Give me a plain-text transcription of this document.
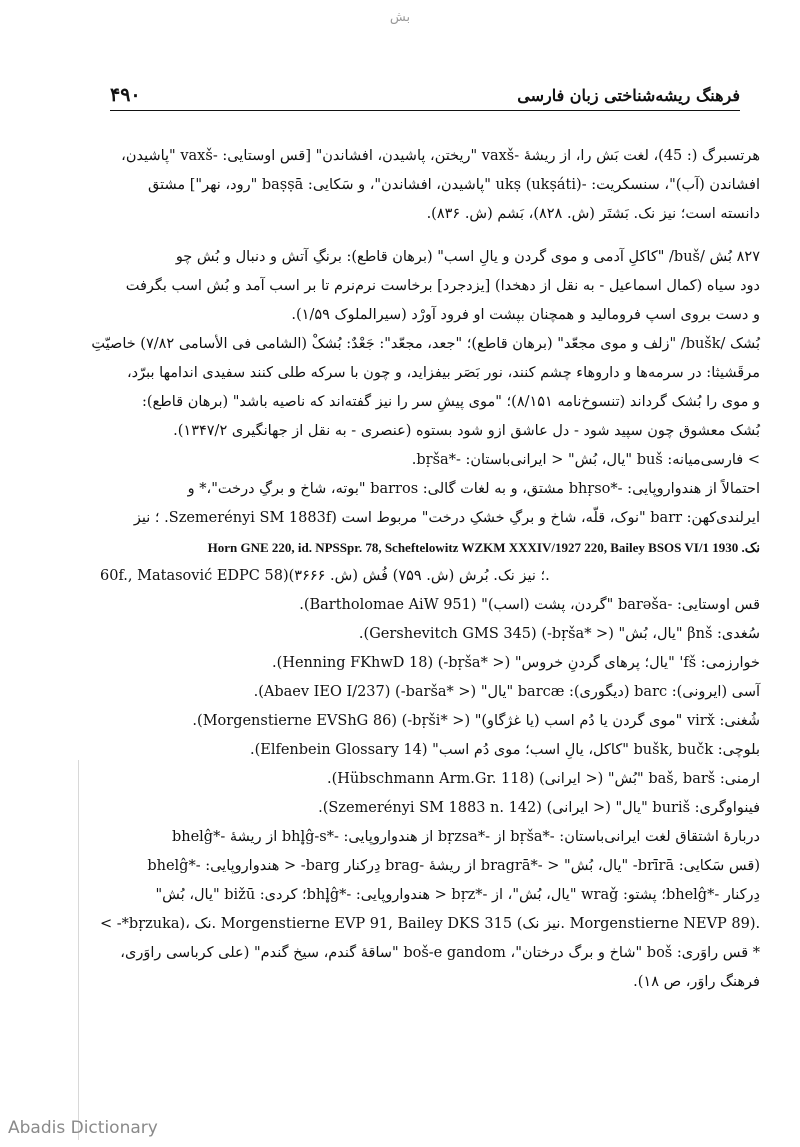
بش
فرهنگ ریشه‌شناختی زبان فارسی
۴۹۰

هرتسبرگ (: 45)، لغت بَش را، از ریشهٔ -vaxš "ریختن، پاشیدن، افشاندن" [قس اوستایی: -vaxš "پاشیدن،

افشاندن (آب)"، سنسکریت: -ukṣ (ukṣáti) "پاشیدن، افشاندن"، و سَکایی: baṣṣā "رود، نهر"] مشتق

دانسته است؛ نیز نک. بَشتَر (ش. ۸۲۸)، بَشم (ش. ۸۳۶).

۸۲۷ بُش /buš/ "کاکلِ آدمی و موی گردن و یالِ اسب" (برهان قاطع): برنگِ آتش و دنبال و بُش چو

دود سیاه (کمال اسماعیل - به نقل از دهخدا) [یزدجرد] برخاست نرم‌نرم تا بر اسب آمد و بُش اسب بگرفت

و دست بروی اسپ فرومالید و همچنان بپشت او فرود آورْد (سیرالملوک ۱/۵۹).

بُشک /bušk/ "زلف و موی مجعّد" (برهان قاطع)؛ "جعد، مجعّد": جَعْدٌ: بُشکْ (الشامی فی الأسامی ۷/۸۲) خاصیّتِ

مرقَشیثا: در سرمه‌ها و داروهاء چشم کنند، نور بَصَر بیفزاید، و چون با سرکه طلی کنند سفیدی اندامها ببرّد،

و موی را بُشک گرداند (تنسوخ‌نامه ۸/۱۵۱)؛ "موی پیشِ سر را نیز گفته‌اند که ناصیه باشد" (برهان قاطع):

بُشک معشوق چون سپید شود - دل عاشق ازو شود بستوه (عنصری - به نقل از جهانگیری ۱۳۴۷/۲).

> فارسی‌میانه: buš "یال، بُش" < ایرانی‌باستان: -*bṛša.

احتمالاً از هندواروپایی: -*bhṛso مشتق، و به لغات گالی: barros "بوته، شاخ و برگِ درخت"،* و

ایرلندی‌کهن: barr "نوک، قلّه، شاخ و برگِ خشکِ درخت" مربوط است (Szemerényi SM 1883f. ؛ نیز

نک. Horn GNE 220, id. NPSSpr. 78, Scheftelowitz WZKM XXXIV/1927 220, Bailey BSOS VI/1 1930

60f., Matasović EDPC 58)؛ نیز نک. بُرش (ش. ۷۵۹) فُش (ش. ۳۶۶۶).

قس اوستایی: -barəša "گردن، پشت (اسب)" (Bartholomae AiW 951).

سُغدی: βnš "یال، بُش" (< *bṛša-) (Gershevitch GMS 345).

خوارزمی: fš' "یال؛ پرهای گردنِ خروس" (< *bṛša-) (Henning FKhwD 18).

آسی (ایرونی): barc (دیگوری): barcæ "یال" (< *barša-) (Abaev IEO I/237).

شُغنی: virx̌ "موی گردن یا دُم اسب (یا غژگاو)" (< *bṛši-) (Morgenstierne EVShG 86).

بلوچی: bušk, bučk "کاکل، یالِ اسب؛ موی دُم اسب" (Elfenbein Glossary 14).

ارمنی: baš, barš "بُش" (< ایرانی) (Hübschmann Arm.Gr. 118).

فینواوگری: buriš "یال" (< ایرانی) (Szemerényi SM 1883 n. 142).

دربارهٔ اشتقاق لغت ایرانی‌باستان: -*bṛša از -*bṛzsa از هندواروپایی: -*bhl̥ĝ-s از ریشهٔ -*bhelĝ

(قس سَکایی: brīrā- "یال، بُش" < -*bragrā از ریشهٔ -brag دِرکنار barg- < هندواروپایی: -*bhelĝ

دِرکنار -*bhelĝ؛ پشتو: wraǧ "یال، بُش"، از -*bṛz < هندواروپایی: -*bhl̥ĝ؛ کردی: bižū "یال، بُش"

< -*bṛzuka)، نک. Morgenstierne EVP 91, Bailey DKS 315 (نیز نک. Morgenstierne NEVP 89).

* قس راوَری: boš "شاخ و برگ درختان"، boš-e gandom "ساقهٔ گندم، سیخ گندم" (علی کرباسی راوَری،

فرهنگ راوَر، ص ۱۸).

Abadis Dictionary
